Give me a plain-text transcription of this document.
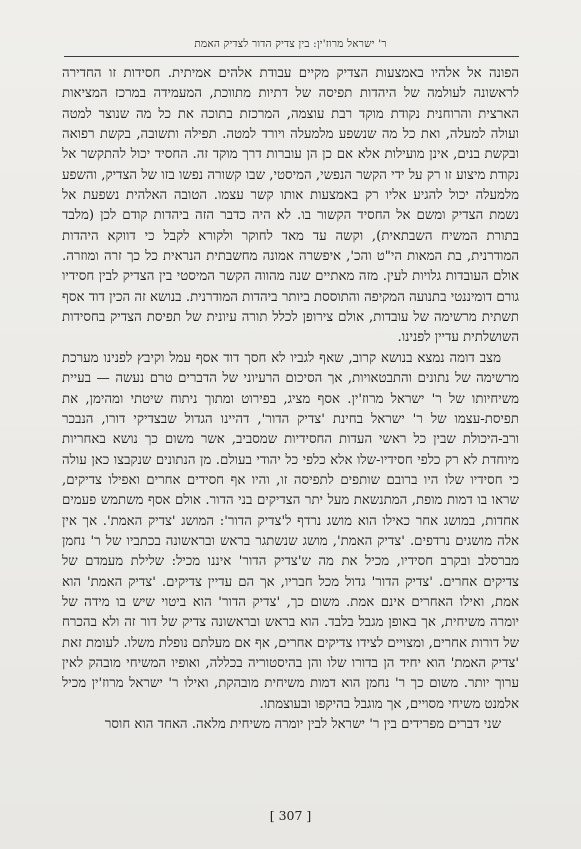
ר' ישראל מרוז'ין: בין צדיק הדור לצדיק האמת

הפונה אל אלהיו באמצעות הצדיק מקיים עבודת אלהים אמיתית. חסידות זו החדירה לראשונה לעולמה של היהדות תפיסה של דתיות מתווכת, המעמידה במרכז המציאות הארצית והרוחנית נקודת מוקד רבת עוצמה, המרכזת בתוכה את כל מה שנוצר למטה ועולה למעלה, ואת כל מה שנשפע מלמעלה ויורד למטה. תפילה ותשובה, בקשת רפואה ובקשת בנים, אינן מועילות אלא אם כן הן עוברות דרך מוקד זה. החסיד יכול להתקשר אל נקודת מיצוע זו רק על ידי הקשר הנפשי, המיסטי, שבו קשורה נפשו בזו של הצדיק, והשפע מלמעלה יכול להגיע אליו רק באמצעות אותו קשר עצמו. הטובה האלהית נשפעת אל נשמת הצדיק ומשם אל החסיד הקשור בו. לא היה כדבר הזה ביהדות קודם לכן (מלבד בתורת המשיח השבתאית), וקשה עד מאד לחוקר ולקורא לקבל כי דווקא היהדות המודרנית, בת המאות הי"ט והכ', איפשרה אמונה מחשבתית הנראית כל כך זרה ומוזרה. אולם העובדות גלויות לעין. מזה מאתיים שנה מהווה הקשר המיסטי בין הצדיק לבין חסידיו גורם דומיננטי בתנועה המקיפה והתוססת ביותר ביהדות המודרנית. בנושא זה הכין דוד אסף תשתית מרשימה של עובדות, אולם צירופן לכלל תורה עיונית של תפיסת הצדיק בחסידות השושלתית עדיין לפנינו.

מצב דומה נמצא בנושא קרוב, שאף לגביו לא חסך דוד אסף עמל וקיבץ לפנינו מערכת מרשימה של נתונים והתבטאויות, אך הסיכום הרעיוני של הדברים טרם נעשה — בעיית משיחיותו של ר' ישראל מרוז'ין. אסף מציג, בפירוט ומתוך ניתוח שיטתי ומהימן, את תפיסת-עצמו של ר' ישראל בחינת 'צדיק הדור', דהיינו הגדול שבצדיקי דורו, הנבכר ורב-היכולת שבין כל ראשי העדות החסידיות שמסביב, אשר משום כך נושא באחריות מיוחדת לא רק כלפי חסידיו-שלו אלא כלפי כל יהודי בעולם. מן הנתונים שנקבצו כאן עולה כי חסידיו שלו היו ברובם שותפים לתפיסה זו, והיו אף חסידים אחרים ואפילו צדיקים, שראו בו דמות מופת, המתנשאת מעל יתר הצדיקים בני הדור. אולם אסף משתמש פעמים אחדות, במושג אחר כאילו הוא מושג נרדף ל'צדיק הדור': המושג 'צדיק האמת'. אך אין אלה מושגים נרדפים. 'צדיק האמת', מושג שנשתגר בראש ובראשונה בכתביו של ר' נחמן מברסלב ובקרב חסידיו, מכיל את מה ש'צדיק הדור' איננו מכיל: שלילת מעמדם של צדיקים אחרים. 'צדיק הדור' גדול מכל חבריו, אך הם עדיין צדיקים. 'צדיק האמת' הוא אמת, ואילו האחרים אינם אמת. משום כך, 'צדיק הדור' הוא ביטוי שיש בו מידה של יומרה משיחית, אך באופן מגבל בלבד. הוא בראש ובראשונה צדיק של דור זה ולא בהכרח של דורות אחרים, ומצויים לצידו צדיקים אחרים, אף אם מעלתם נופלת משלו. לעומת זאת 'צדיק האמת' הוא יחיד הן בדורו שלו והן בהיסטוריה בכללה, ואופיו המשיחי מובהק לאין ערוך יותר. משום כך ר' נחמן הוא דמות משיחית מובהקת, ואילו ר' ישראל מרוז'ין מכיל אלמנט משיחי מסויים, אך מוגבל בהיקפו ובעוצמתו.

שני דברים מפרידים בין ר' ישראל לבין יומרה משיחית מלאה. האחד הוא חוסר

[ 307 ]
